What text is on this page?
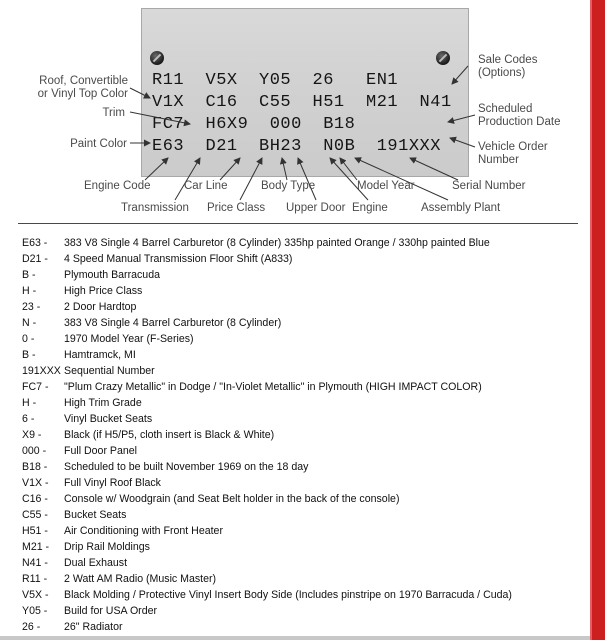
R11  V5X  Y05  26   EN1
V1X  C16  C55  H51  M21  N41
FC7  H6X9  000  B18
E63  D21  BH23  N0B  191XXX
Roof, Convertible
or Vinyl Top Color
Trim
Paint Color
Sale Codes
(Options)
Scheduled
Production Date
Vehicle Order
Number
Engine Code	Car Line	Body Type	Model Year	Serial Number
Transmission Price Class Upper Door Engine	Assembly Plant
E63 -	383 V8 Single 4 Barrel Carburetor (8 Cylinder) 335hp painted Orange / 330hp painted Blue
D21 -	4 Speed Manual Transmission Floor Shift (A833)
B -	Plymouth Barracuda
H -	High Price Class
23 -	2 Door Hardtop
N -	383 V8 Single 4 Barrel Carburetor (8 Cylinder)
0 -	1970 Model Year (F-Series)
B -	Hamtramck, MI
191XXX Sequential Number
FC7 -	"Plum Crazy Metallic" in Dodge / "In-Violet Metallic" in Plymouth (HIGH IMPACT COLOR)
H -	High Trim Grade
6 -	Vinyl Bucket Seats
X9 -	Black (if H5/P5, cloth insert is Black & White)
000 -	Full Door Panel
B18 -	Scheduled to be built November 1969 on the 18 day
V1X -	Full Vinyl Roof Black
C16 -	Console w/ Woodgrain (and Seat Belt holder in the back of the console)
C55 -	Bucket Seats
H51 -	Air Conditioning with Front Heater
M21 -	Drip Rail Moldings
N41 -	Dual Exhaust
R11 -	2 Watt AM Radio (Music Master)
V5X -	Black Molding / Protective Vinyl Insert Body Side (Includes pinstripe on 1970 Barracuda / Cuda)
Y05 -	Build for USA Order
26 -	26" Radiator
